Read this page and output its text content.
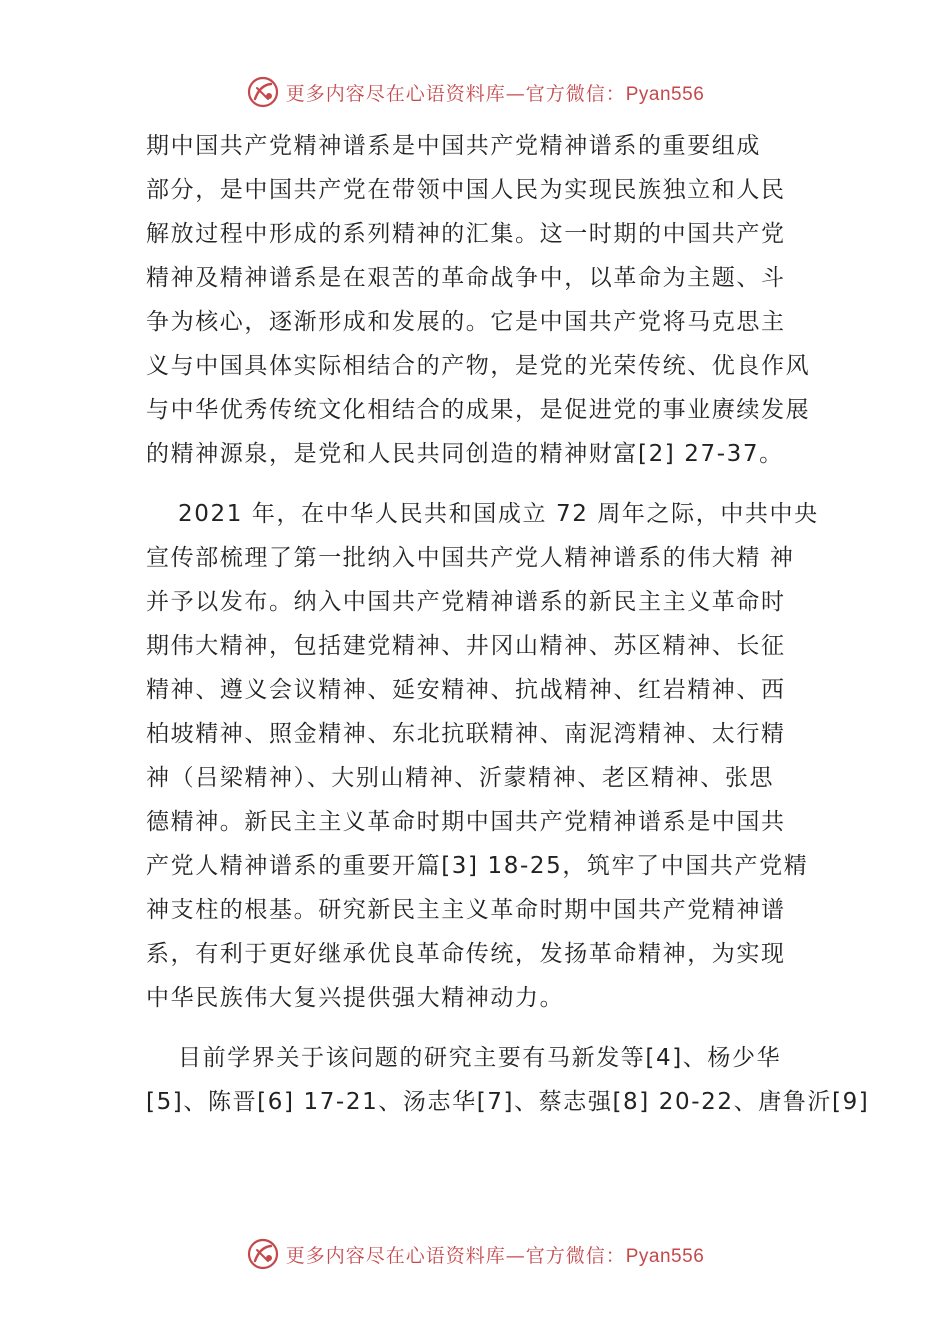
更多内容尽在心语资料库—官方微信：Pyan556
期中国共产党精神谱系是中国共产党精神谱系的重要组成
部分，是中国共产党在带领中国人民为实现民族独立和人民
解放过程中形成的系列精神的汇集。这一时期的中国共产党
精神及精神谱系是在艰苦的革命战争中，以革命为主题、斗
争为核心，逐渐形成和发展的。它是中国共产党将马克思主
义与中国具体实际相结合的产物，是党的光荣传统、优良作风
与中华优秀传统文化相结合的成果，是促进党的事业赓续发展
的精神源泉，是党和人民共同创造的精神财富[2] 27-37。
2021 年，在中华人民共和国成立 72 周年之际，中共中央
宣传部梳理了第一批纳入中国共产党人精神谱系的伟大精 神
并予以发布。纳入中国共产党精神谱系的新民主主义革命时
期伟大精神，包括建党精神、井冈山精神、苏区精神、长征
精神、遵义会议精神、延安精神、抗战精神、红岩精神、西
柏坡精神、照金精神、东北抗联精神、南泥湾精神、太行精
神（吕梁精神）、大别山精神、沂蒙精神、老区精神、张思
德精神。新民主主义革命时期中国共产党精神谱系是中国共
产党人精神谱系的重要开篇[3] 18-25，筑牢了中国共产党精
神支柱的根基。研究新民主主义革命时期中国共产党精神谱
系，有利于更好继承优良革命传统，发扬革命精神，为实现
中华民族伟大复兴提供强大精神动力。
目前学界关于该问题的研究主要有马新发等[4]、杨少华
[5]、陈晋[6] 17-21、汤志华[7]、蔡志强[8] 20-22、唐鲁沂[9]
更多内容尽在心语资料库—官方微信：Pyan556
